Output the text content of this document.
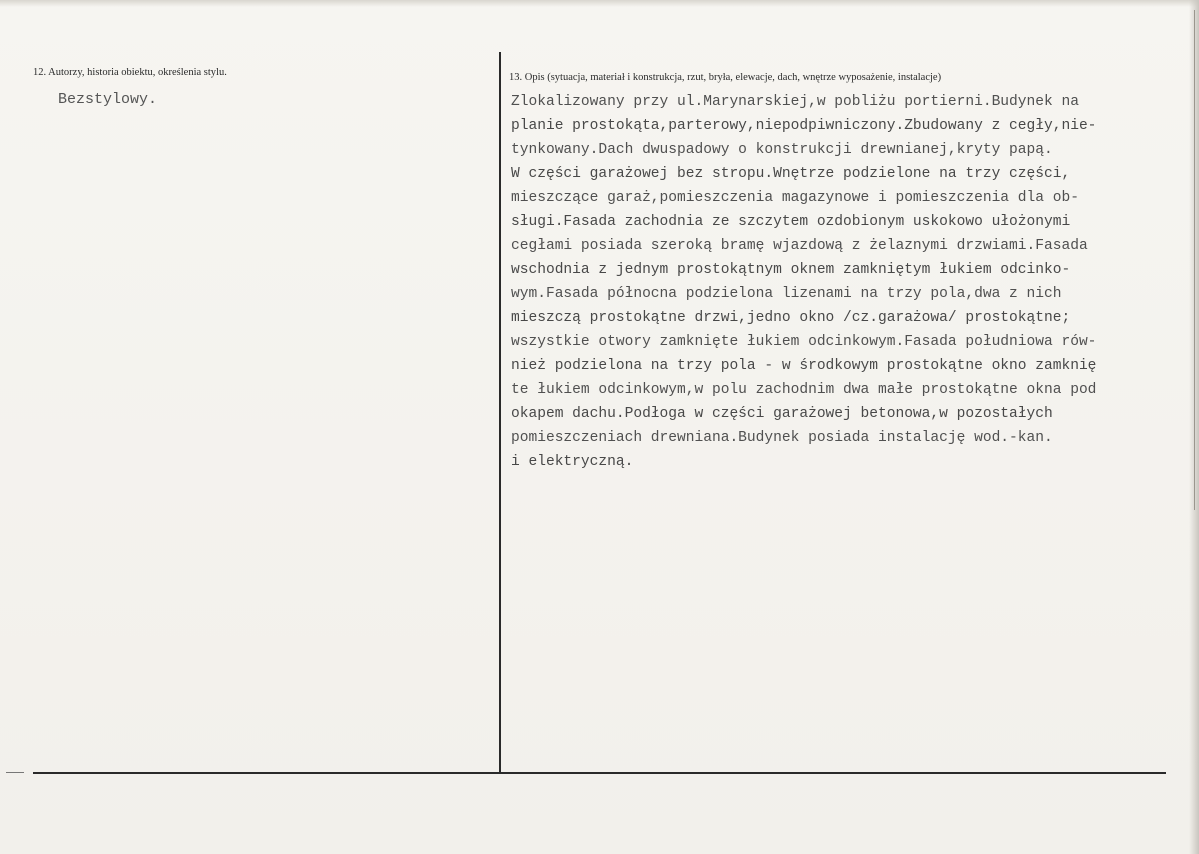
12. Autorzy, historia obiektu, określenia stylu.
Bezstylowy.
13. Opis (sytuacja, materiał i konstrukcja, rzut, bryła, elewacje, dach, wnętrze wyposażenie, instalacje)
Zlokalizowany przy ul.Marynarskiej,w pobliżu portierni.Budynek na
planie prostokąta,parterowy,niepodpiwniczony.Zbudowany z cegły,nie-
tynkowany.Dach dwuspadowy o konstrukcji drewnianej,kryty papą.
W części garażowej bez stropu.Wnętrze podzielone na trzy części,
mieszczące garaż,pomieszczenia magazynowe i pomieszczenia dla ob-
sługi.Fasada zachodnia ze szczytem ozdobionym uskokowo ułożonymi
cegłami posiada szeroką bramę wjazdową z żelaznymi drzwiami.Fasada
wschodnia z jednym prostokątnym oknem zamkniętym łukiem odcinko-
wym.Fasada północna podzielona lizenami na trzy pola,dwa z nich
mieszczą prostokątne drzwi,jedno okno /cz.garażowa/ prostokątne;
wszystkie otwory zamknięte łukiem odcinkowym.Fasada południowa rów-
nież podzielona na trzy pola - w środkowym prostokątne okno zamknię
te łukiem odcinkowym,w polu zachodnim dwa małe prostokątne okna pod
okapem dachu.Podłoga w części garażowej betonowa,w pozostałych
pomieszczeniach drewniana.Budynek posiada instalację wod.-kan.
i elektryczną.
